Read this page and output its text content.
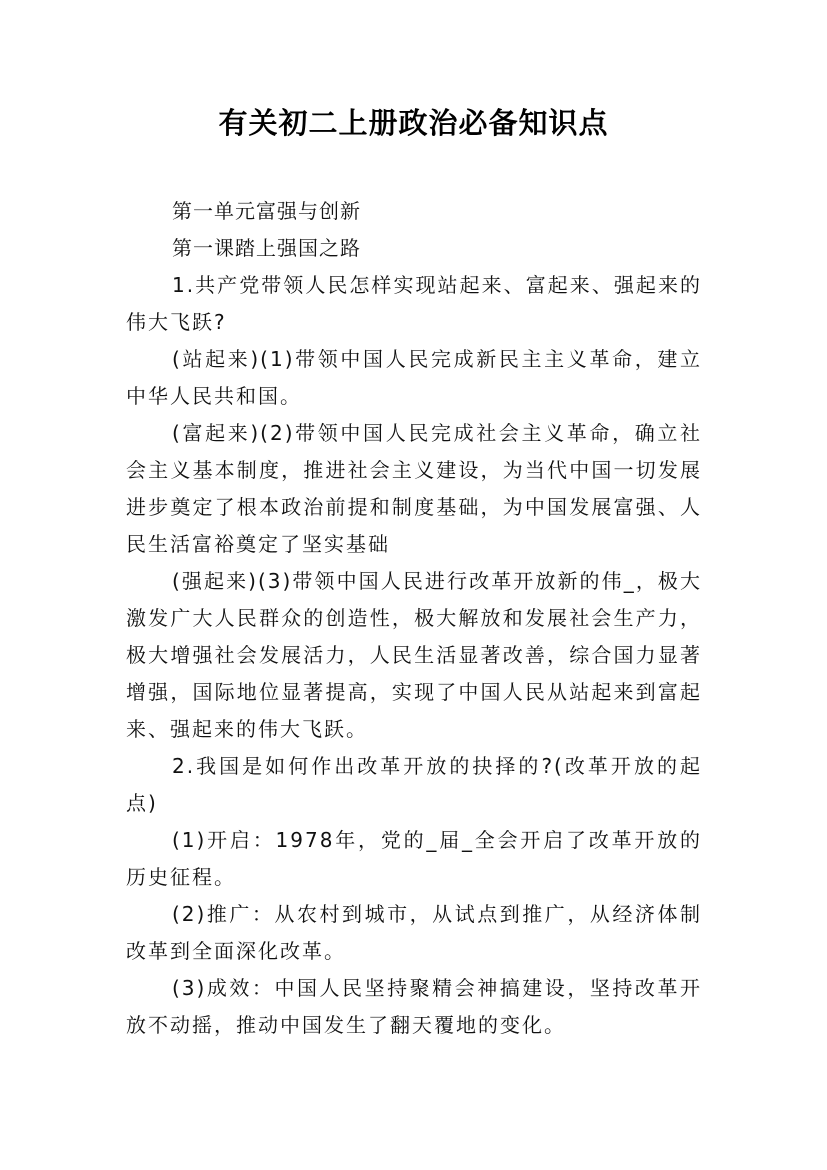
有关初二上册政治必备知识点

第一单元富强与创新

第一课踏上强国之路

1.共产党带领人民怎样实现站起来、富起来、强起来的伟大飞跃?

(站起来)(1)带领中国人民完成新民主主义革命，建立中华人民共和国。

(富起来)(2)带领中国人民完成社会主义革命，确立社会主义基本制度，推进社会主义建设，为当代中国一切发展进步奠定了根本政治前提和制度基础，为中国发展富强、人民生活富裕奠定了坚实基础

(强起来)(3)带领中国人民进行改革开放新的伟_，极大激发广大人民群众的创造性，极大解放和发展社会生产力，极大增强社会发展活力，人民生活显著改善，综合国力显著增强，国际地位显著提高，实现了中国人民从站起来到富起来、强起来的伟大飞跃。

2.我国是如何作出改革开放的抉择的?(改革开放的起点)

(1)开启：1978年，党的_届_全会开启了改革开放的历史征程。

(2)推广：从农村到城市，从试点到推广，从经济体制改革到全面深化改革。

(3)成效：中国人民坚持聚精会神搞建设，坚持改革开放不动摇，推动中国发生了翻天覆地的变化。
